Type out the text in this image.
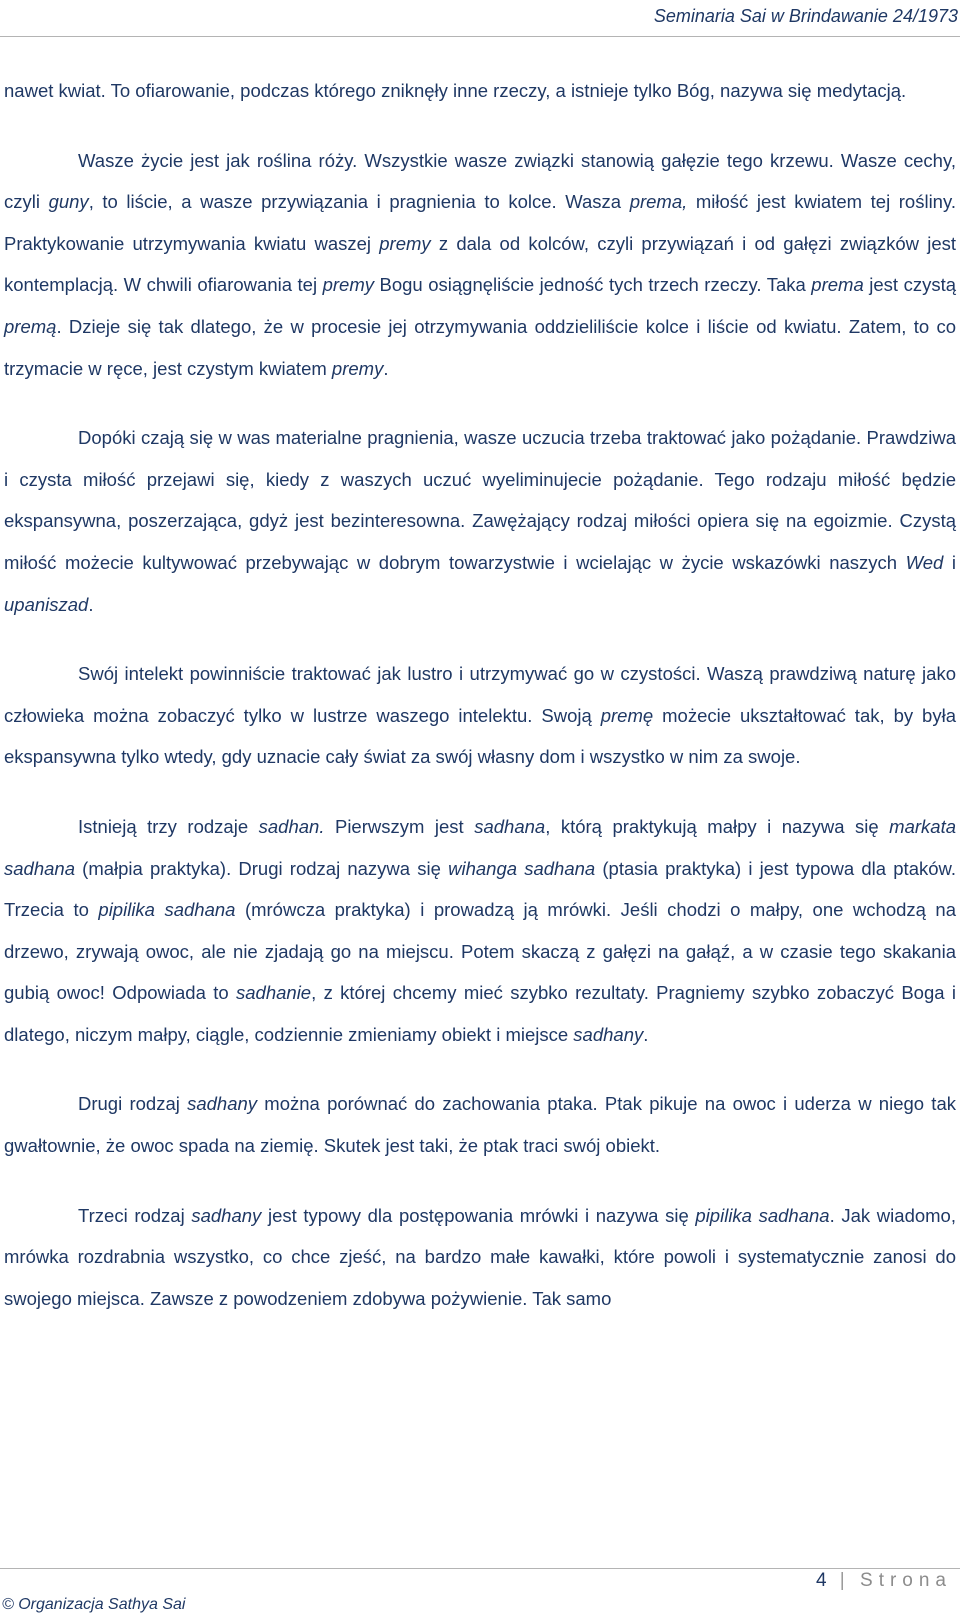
Seminaria Sai w Brindawanie 24/1973

nawet kwiat. To ofiarowanie, podczas którego zniknęły inne rzeczy, a istnieje tylko Bóg, nazywa się medytacją.

Wasze życie jest jak roślina róży. Wszystkie wasze związki stanowią gałęzie tego krzewu. Wasze cechy, czyli guny, to liście, a wasze przywiązania i pragnienia to kolce. Wasza prema, miłość jest kwiatem tej rośliny. Praktykowanie utrzymywania kwiatu waszej premy z dala od kolców, czyli przywiązań i od gałęzi związków jest kontemplacją. W chwili ofiarowania tej premy Bogu osiągnęliście jedność tych trzech rzeczy. Taka prema jest czystą premą. Dzieje się tak dlatego, że w procesie jej otrzymywania oddzieliliście kolce i liście od kwiatu. Zatem, to co trzymacie w ręce, jest czystym kwiatem premy.

Dopóki czają się w was materialne pragnienia, wasze uczucia trzeba traktować jako pożądanie. Prawdziwa i czysta miłość przejawi się, kiedy z waszych uczuć wyeliminujecie pożądanie. Tego rodzaju miłość będzie ekspansywna, poszerzająca, gdyż jest bezinteresowna. Zawężający rodzaj miłości opiera się na egoizmie. Czystą miłość możecie kultywować przebywając w dobrym towarzystwie i wcielając w życie wskazówki naszych Wed i upaniszad.

Swój intelekt powinniście traktować jak lustro i utrzymywać go w czystości. Waszą prawdziwą naturę jako człowieka można zobaczyć tylko w lustrze waszego intelektu. Swoją premę możecie ukształtować tak, by była ekspansywna tylko wtedy, gdy uznacie cały świat za swój własny dom i wszystko w nim za swoje.

Istnieją trzy rodzaje sadhan. Pierwszym jest sadhana, którą praktykują małpy i nazywa się markata sadhana (małpia praktyka). Drugi rodzaj nazywa się wihanga sadhana (ptasia praktyka) i jest typowa dla ptaków. Trzecia to pipilika sadhana (mrówcza praktyka) i prowadzą ją mrówki. Jeśli chodzi o małpy, one wchodzą na drzewo, zrywają owoc, ale nie zjadają go na miejscu. Potem skaczą z gałęzi na gałąź, a w czasie tego skakania gubią owoc! Odpowiada to sadhanie, z której chcemy mieć szybko rezultaty. Pragniemy szybko zobaczyć Boga i dlatego, niczym małpy, ciągle, codziennie zmieniamy obiekt i miejsce sadhany.

Drugi rodzaj sadhany można porównać do zachowania ptaka. Ptak pikuje na owoc i uderza w niego tak gwałtownie, że owoc spada na ziemię. Skutek jest taki, że ptak traci swój obiekt.

Trzeci rodzaj sadhany jest typowy dla postępowania mrówki i nazywa się pipilika sadhana. Jak wiadomo, mrówka rozdrabnia wszystko, co chce zjeść, na bardzo małe kawałki, które powoli i systematycznie zanosi do swojego miejsca. Zawsze z powodzeniem zdobywa pożywienie. Tak samo

4 | Strona
© Organizacja Sathya Sai
